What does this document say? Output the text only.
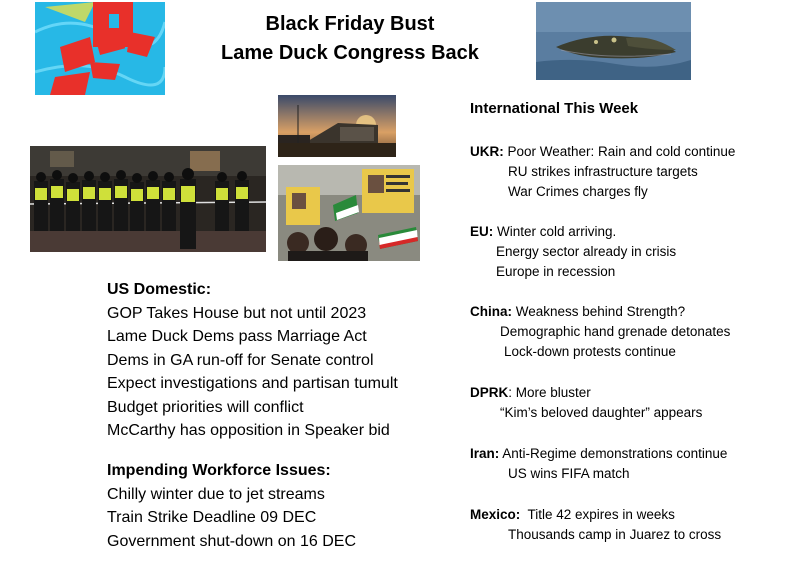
Black Friday Bust
Lame Duck Congress Back
US Domestic:
GOP Takes House but not until 2023
Lame Duck Dems pass Marriage Act
Dems in GA run-off for Senate control
Expect investigations and partisan tumult
Budget priorities will conflict
McCarthy has opposition in Speaker bid
Impending Workforce Issues:
Chilly winter due to jet streams
Train Strike Deadline 09 DEC
Government shut-down on 16 DEC
International This Week
UKR: Poor Weather: Rain and cold continue
RU strikes infrastructure targets
War Crimes charges fly
EU: Winter cold arriving.
Energy sector already in crisis
Europe in recession
China: Weakness behind Strength?
Demographic hand grenade detonates
Lock-down protests continue
DPRK: More bluster
“Kim’s beloved daughter” appears
Iran: Anti-Regime demonstrations continue
US wins FIFA match
Mexico:  Title 42 expires in weeks
Thousands camp in Juarez to cross
